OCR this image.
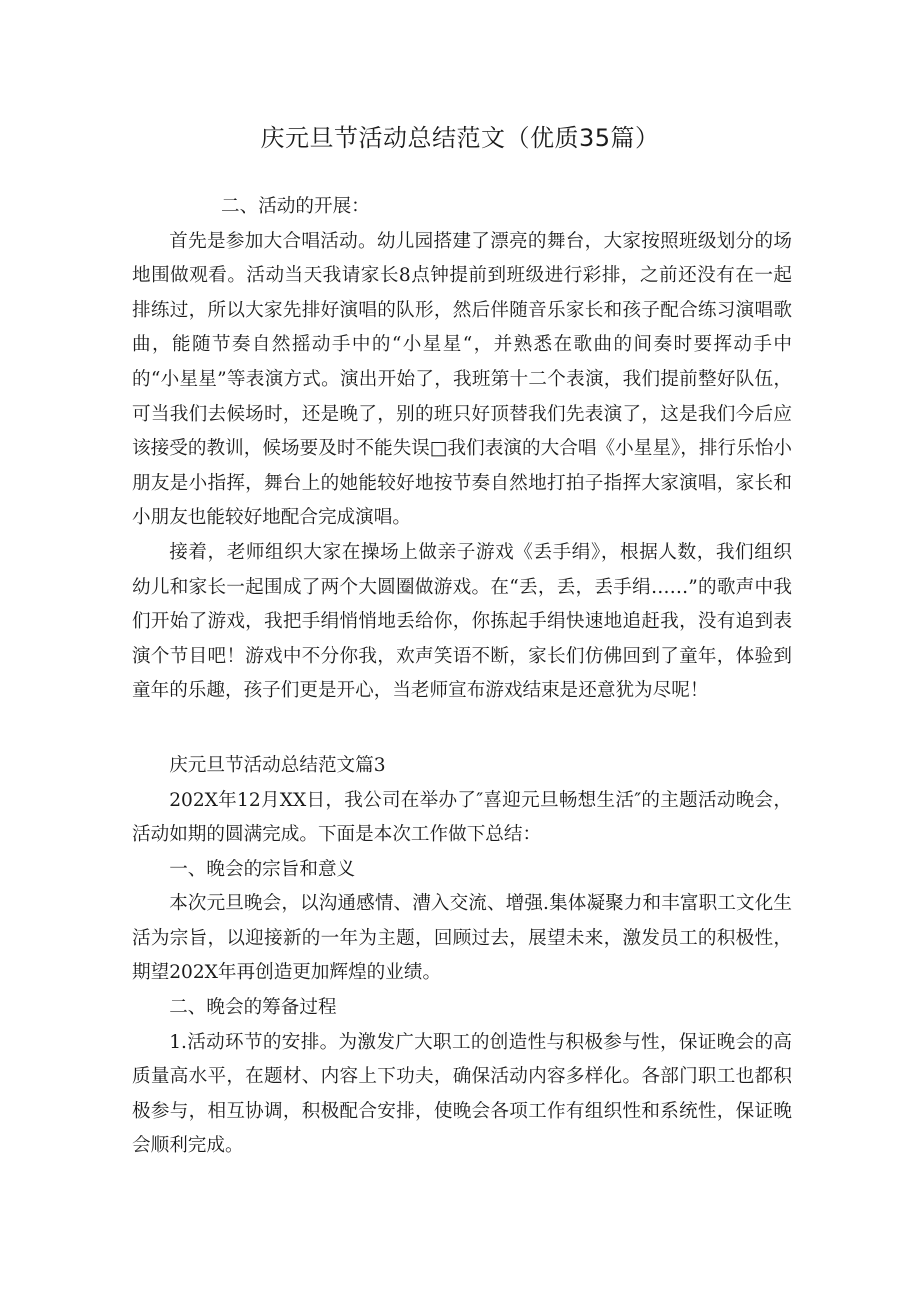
庆元旦节活动总结范文（优质35篇）

二、活动的开展：

首先是参加大合唱活动。幼儿园搭建了漂亮的舞台，大家按照班级划分的场地围做观看。活动当天我请家长8点钟提前到班级进行彩排，之前还没有在一起排练过，所以大家先排好演唱的队形，然后伴随音乐家长和孩子配合练习演唱歌曲，能随节奏自然摇动手中的“小星星“，并熟悉在歌曲的间奏时要挥动手中的“小星星”等表演方式。演出开始了，我班第十二个表演，我们提前整好队伍，可当我们去候场时，还是晚了，别的班只好顶替我们先表演了，这是我们今后应该接受的教训，候场要及时不能失误□我们表演的大合唱《小星星》，排行乐怡小朋友是小指挥，舞台上的她能较好地按节奏自然地打拍子指挥大家演唱，家长和小朋友也能较好地配合完成演唱。

接着，老师组织大家在操场上做亲子游戏《丢手绢》，根据人数，我们组织幼儿和家长一起围成了两个大圆圈做游戏。在“丢，丢，丢手绢……”的歌声中我们开始了游戏，我把手绢悄悄地丢给你，你拣起手绢快速地追赶我，没有追到表演个节目吧！游戏中不分你我，欢声笑语不断，家长们仿佛回到了童年，体验到童年的乐趣，孩子们更是开心，当老师宣布游戏结束是还意犹为尽呢！

庆元旦节活动总结范文篇3

202X年12月XX日，我公司在举办了″喜迎元旦畅想生活″的主题活动晚会，活动如期的圆满完成。下面是本次工作做下总结：

一、晚会的宗旨和意义

本次元旦晚会，以沟通感情、漕入交流、增强.集体凝聚力和丰富职工文化生活为宗旨，以迎接新的一年为主题，回顾过去，展望未来，激发员工的积极性，期望202X年再创造更加辉煌的业绩。

二、晚会的筹备过程

1.活动环节的安排。为激发广大职工的创造性与积极参与性，保证晚会的高质量高水平，在题材、内容上下功夫，确保活动内容多样化。各部门职工也都积极参与，相互协调，积极配合安排，使晚会各项工作有组织性和系统性，保证晚会顺利完成。
